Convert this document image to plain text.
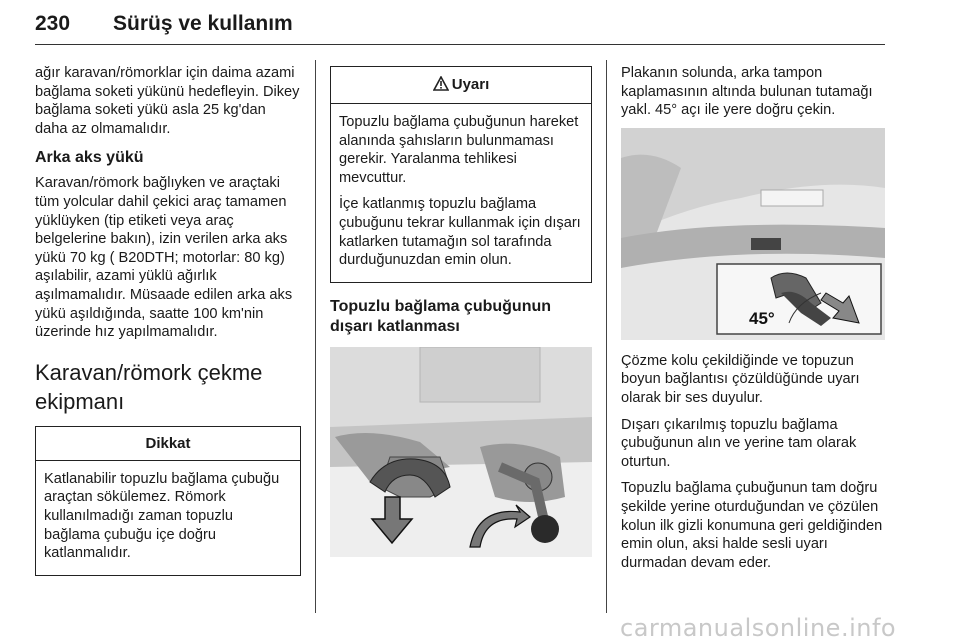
230 Sürüş ve kullanım

ağır karavan/römorklar için daima azami bağlama soketi yükünü hedefleyin. Dikey bağlama soketi yükü asla 25 kg'dan daha az olmamalıdır.

Arka aks yükü

Karavan/römork bağlıyken ve araçtaki tüm yolcular dahil çekici araç tamamen yüklüyken (tip etiketi veya araç belgelerine bakın), izin verilen arka aks yükü 70 kg ( B20DTH; motorlar: 80 kg) aşılabilir, azami yüklü ağırlık aşılmamalıdır. Müsaade edilen arka aks yükü aşıldığında, saatte 100 km'nin üzerinde hız yapılmamalıdır.

Karavan/römork çekme ekipmanı
Dikkat

Katlanabilir topuzlu bağlama çubuğu araçtan sökülemez. Römork kullanılmadığı zaman topuzlu bağlama çubuğu içe doğru katlanmalıdır.

Uyarı

Topuzlu bağlama çubuğunun hareket alanında şahısların bulunmaması gerekir. Yaralanma tehlikesi mevcuttur.

İçe katlanmış topuzlu bağlama çubuğunu tekrar kullanmak için dışarı katlarken tutamağın sol tarafında durduğunuzdan emin olun.

Topuzlu bağlama çubuğunun dışarı katlanması

Plakanın solunda, arka tampon kaplamasının altında bulunan tutamağı yakl. 45° açı ile yere doğru çekin.

45°

Çözme kolu çekildiğinde ve topuzun boyun bağlantısı çözüldüğünde uyarı olarak bir ses duyulur.

Dışarı çıkarılmış topuzlu bağlama çubuğunun alın ve yerine tam olarak oturtun.

Topuzlu bağlama çubuğunun tam doğru şekilde yerine oturduğundan ve çözülen kolun ilk gizli konumuna geri geldiğinden emin olun, aksi halde sesli uyarı durmadan devam eder.

carmanualsonline.info
